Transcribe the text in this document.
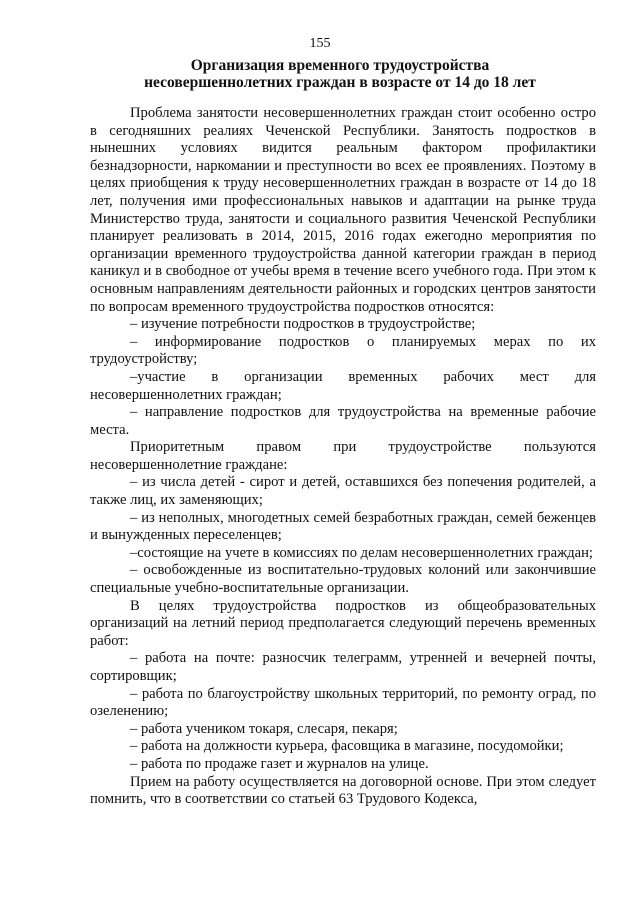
155
Организация временного трудоустройства
несовершеннолетних граждан в возрасте от 14 до 18 лет

Проблема занятости несовершеннолетних граждан стоит особенно остро в сегодняшних реалиях Чеченской Республики. Занятость подростков в нынешних условиях видится реальным фактором профилактики безнадзорности, наркомании и преступности во всех ее проявлениях. Поэтому в целях приобщения к труду несовершеннолетних граждан в возрасте от 14 до 18 лет, получения ими профессиональных навыков и адаптации на рынке труда Министерство труда, занятости и социального развития Чеченской Республики планирует реализовать в 2014, 2015, 2016 годах ежегодно мероприятия по организации временного трудоустройства данной категории граждан в период каникул и в свободное от учебы время в течение всего учебного года. При этом к основным направлениям деятельности районных и городских центров занятости по вопросам временного трудоустройства подростков относятся:

– изучение потребности подростков в трудоустройстве;

– информирование подростков о планируемых мерах по их трудоустройству;

–участие в организации временных рабочих мест для несовершеннолетних граждан;

– направление подростков для трудоустройства на временные рабочие места.

Приоритетным правом при трудоустройстве пользуются несовершеннолетние граждане:

– из числа детей - сирот и детей, оставшихся без попечения родителей, а также лиц, их заменяющих;

– из неполных, многодетных семей безработных граждан, семей беженцев и вынужденных переселенцев;

–состоящие на учете в комиссиях по делам несовершеннолетних граждан;

– освобожденные из воспитательно-трудовых колоний или закончившие специальные учебно-воспитательные организации.

В целях трудоустройства подростков из общеобразовательных организаций на летний период предполагается следующий перечень временных работ:

– работа на почте: разносчик телеграмм, утренней и вечерней почты, сортировщик;

– работа по благоустройству школьных территорий, по ремонту оград, по озеленению;

– работа учеником токаря, слесаря, пекаря;

– работа на должности курьера, фасовщика в магазине, посудомойки;

– работа по продаже газет и журналов на улице.

Прием на работу осуществляется на договорной основе. При этом следует помнить, что в соответствии со статьей 63 Трудового Кодекса,
